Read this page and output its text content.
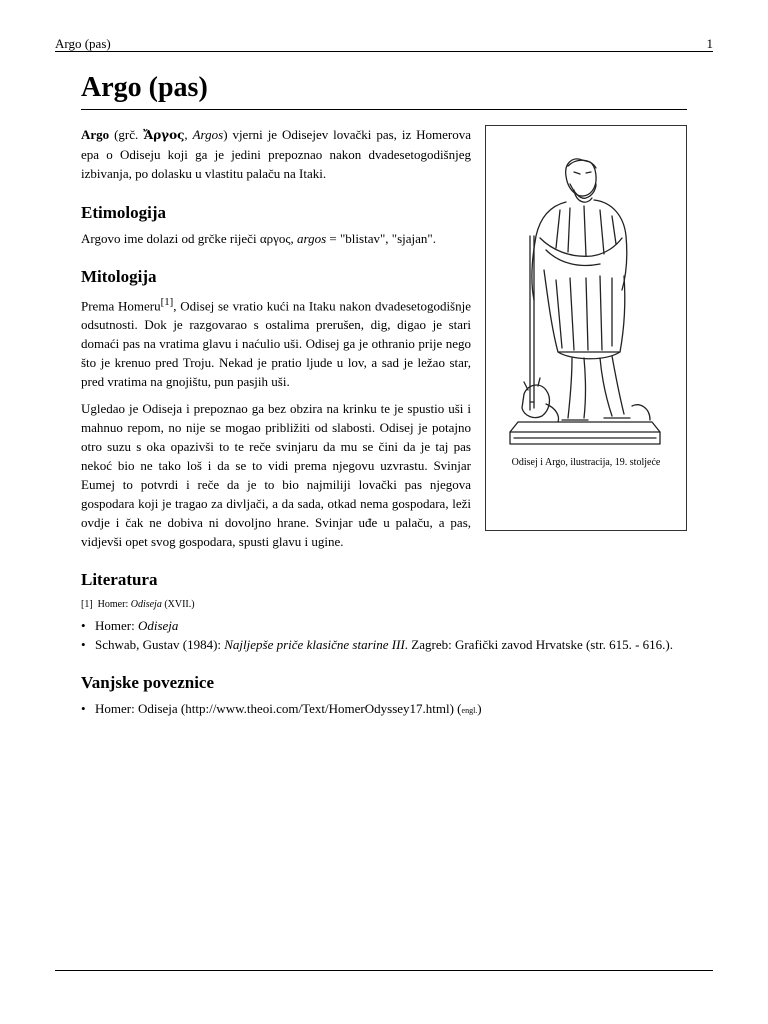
Argo (pas)	1
Argo (pas)
Odisej i Argo, ilustracija, 19. stoljeće

Argo (grč. Ἄργος, Argos) vjerni je Odisejev lovački pas, iz Homerova epa o Odiseju koji ga je jedini prepoznao nakon dvadesetogodišnjeg izbivanja, po dolasku u vlastitu palaču na Itaki.

Etimologija

Argovo ime dolazi od grčke riječi αργος, argos = "blistav", "sjajan".

Mitologija

Prema Homeru[1], Odisej se vratio kući na Itaku nakon dvadesetogodišnje odsutnosti. Dok je razgovarao s ostalima prerušen, dig, digao je stari domaći pas na vratima glavu i naćulio uši. Odisej ga je othranio prije nego što je krenuo pred Troju. Nekad je pratio ljude u lov, a sad je ležao star, pred vratima na gnojištu, pun pasjih uši.

Ugledao je Odiseja i prepoznao ga bez obzira na krinku te je spustio uši i mahnuo repom, no nije se mogao približiti od slabosti. Odisej je potajno otro suzu s oka opazivši to te reče svinjaru da mu se čini da je taj pas nekoć bio ne tako loš i da se to vidi prema njegovu uzvrastu. Svinjar Eumej to potvrdi i reče da je to bio najmiliji lovački pas njegova gospodara koji je tragao za divljači, a da sada, otkad nema gospodara, leži ovdje i čak ne dobiva ni dovoljno hrane. Svinjar uđe u palaču, a pas, vidjevši opet svog gospodara, spusti glavu i ugine.

Literatura
[1] Homer: Odiseja (XVII.)
• Homer: Odiseja
• Schwab, Gustav (1984): Najljepše priče klasične starine III. Zagreb: Grafički zavod Hrvatske (str. 615. - 616.).
Vanjske poveznice
• Homer: Odiseja (http://www.theoi.com/Text/HomerOdyssey17.html) (engl.)
